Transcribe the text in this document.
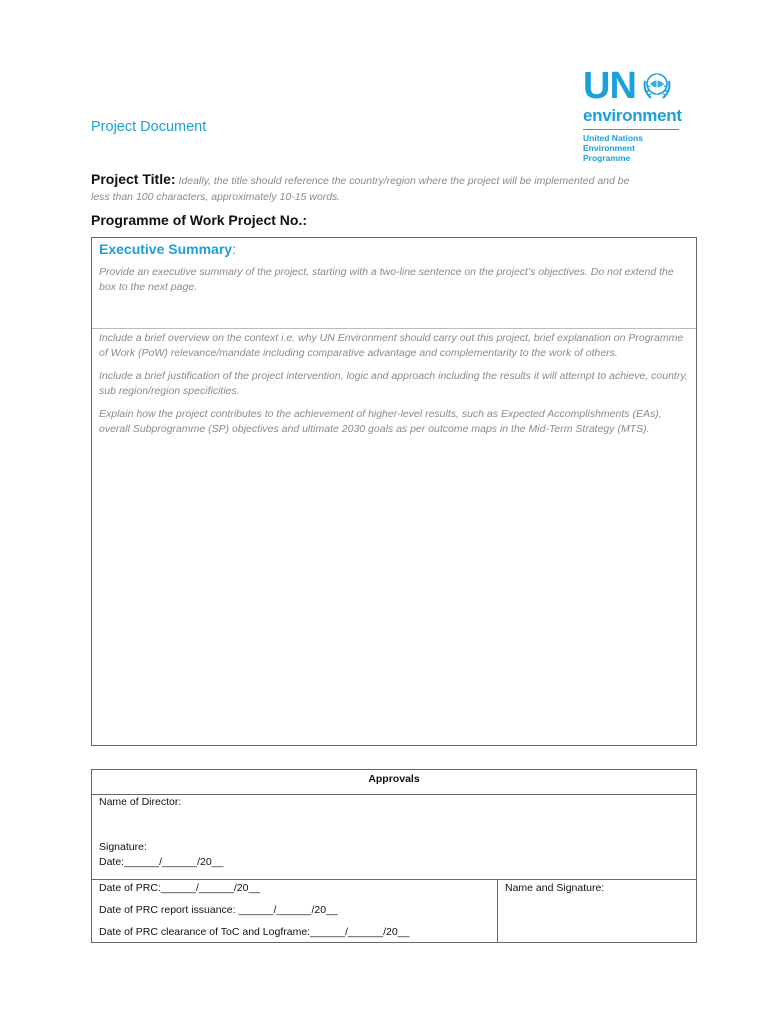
UN
environment
United Nations
Environment Programme
Project Document
Project Title: Ideally, the title should reference the country/region where the project will be implemented and be less than 100 characters, approximately 10-15 words.
Programme of Work Project No.:
Executive Summary:

Provide an executive summary of the project, starting with a two-line sentence on the project’s objectives. Do not extend the box to the next page.

Include a brief overview on the context i.e. why UN Environment should carry out this project, brief explanation on Programme of Work (PoW) relevance/mandate including comparative advantage and complementarity to the work of others.

Include a brief justification of the project intervention, logic and approach including the results it will attempt to achieve, country, sub region/region specificities.

Explain how the project contributes to the achievement of higher-level results, such as Expected Accomplishments (EAs), overall Subprogramme (SP) objectives and ultimate 2030 goals as per outcome maps in the Mid-Term Strategy (MTS).

Approvals

Name of Director:
Signature:
Date:______/______/20__

Date of PRC:______/______/20__
Date of PRC report issuance: ______/______/20__
Date of PRC clearance of ToC and Logframe:______/______/20__

Name and Signature:
